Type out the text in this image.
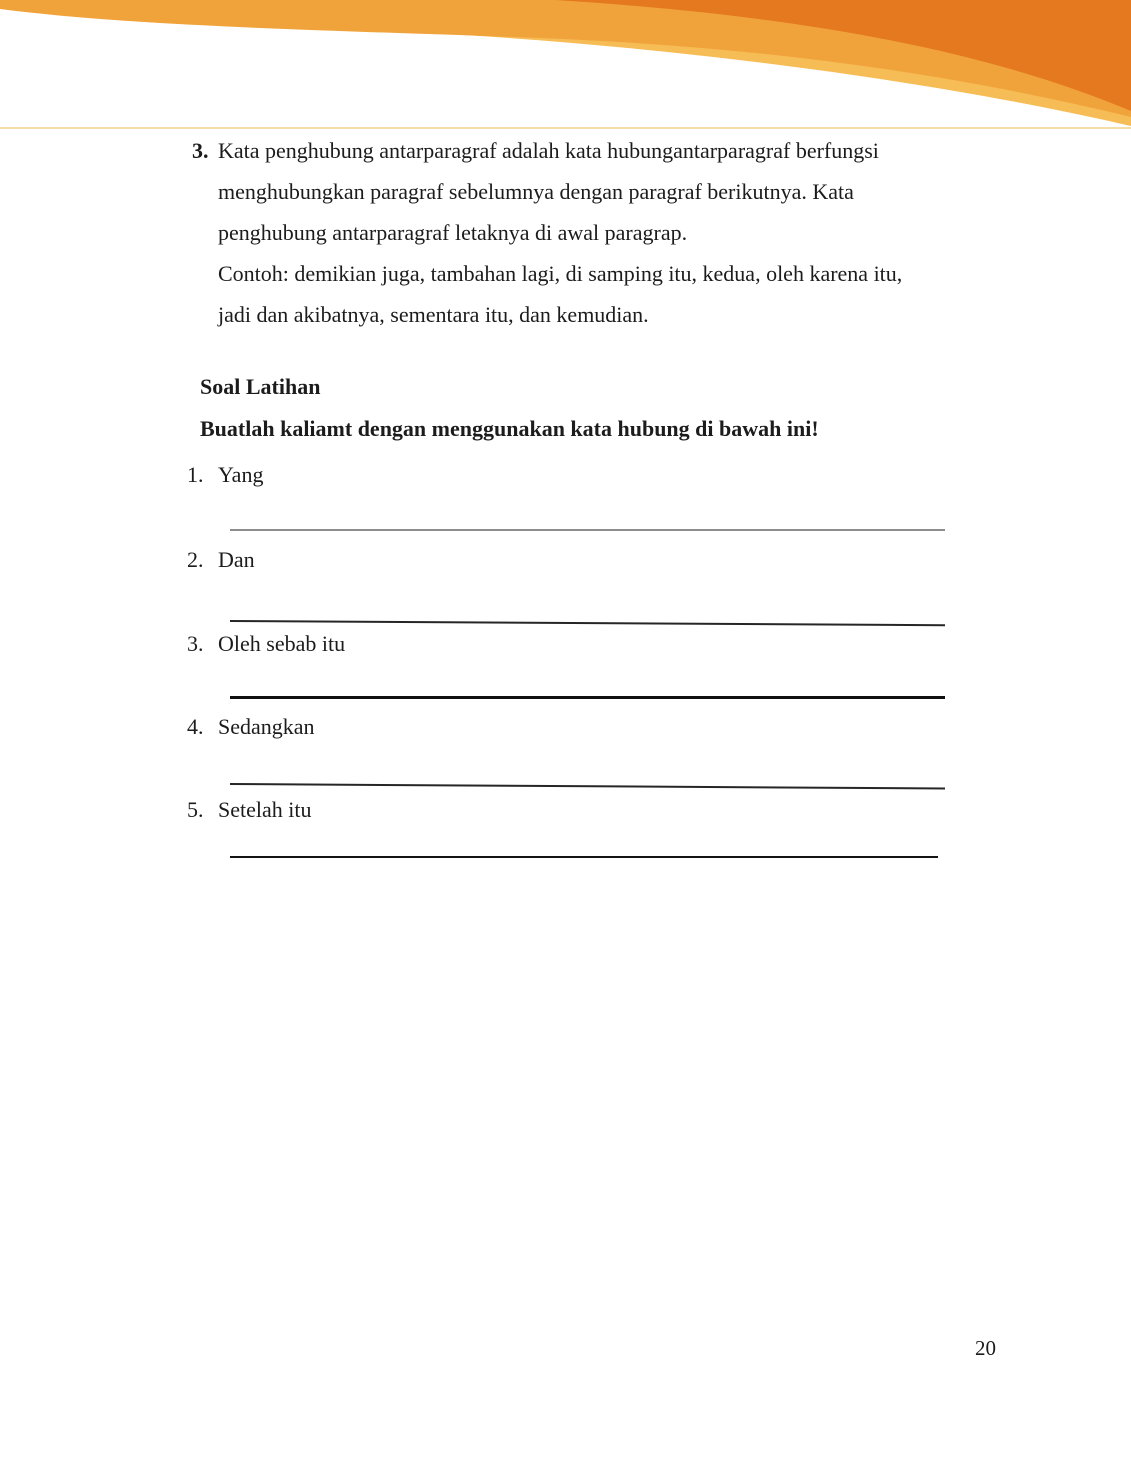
3. Kata penghubung antarparagraf adalah kata hubungantarparagraf berfungsi
menghubungkan paragraf sebelumnya dengan paragraf berikutnya. Kata
penghubung antarparagraf letaknya di awal paragrap.
Contoh: demikian juga, tambahan lagi, di samping itu, kedua, oleh karena itu,
jadi dan akibatnya, sementara itu, dan kemudian.
Soal Latihan
Buatlah kaliamt dengan menggunakan kata hubung di bawah ini!
1. Yang
2. Dan
3. Oleh sebab itu
4. Sedangkan
5. Setelah itu
20
